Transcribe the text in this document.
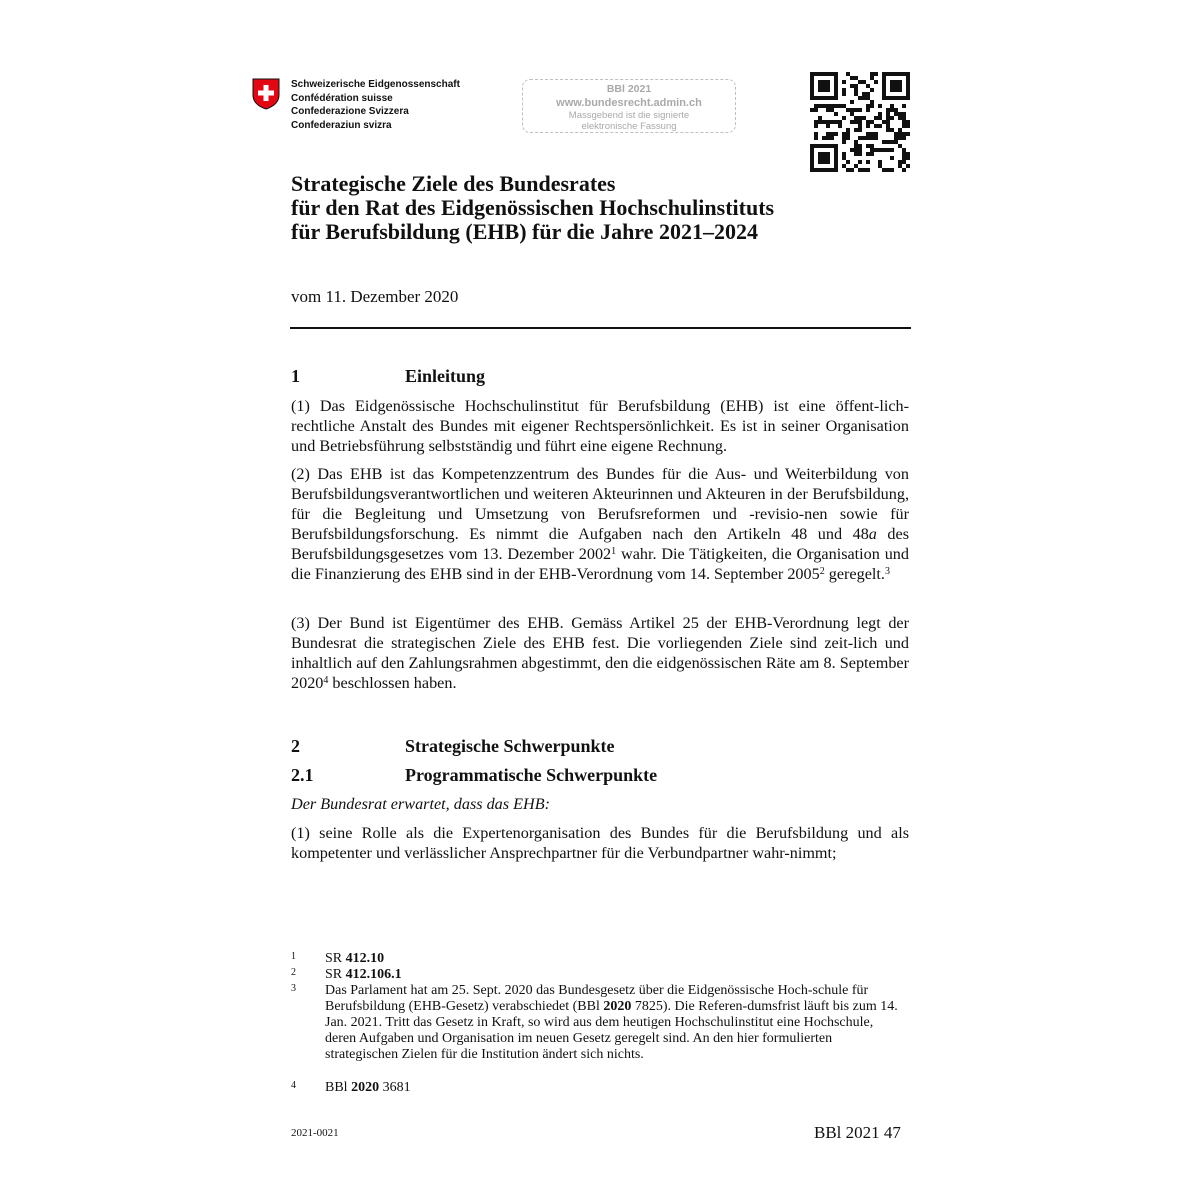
Schweizerische Eidgenossenschaft
Confédération suisse
Confederazione Svizzera
Confederaziun svizra
BBl 2021
www.bundesrecht.admin.ch
Massgebend ist die signierte
elektronische Fassung
Strategische Ziele des Bundesrates
für den Rat des Eidgenössischen Hochschulinstituts
für Berufsbildung (EHB) für die Jahre 2021–2024
vom 11. Dezember 2020
1	Einleitung

(1) Das Eidgenössische Hochschulinstitut für Berufsbildung (EHB) ist eine öffent-lich-rechtliche Anstalt des Bundes mit eigener Rechtspersönlichkeit. Es ist in seiner Organisation und Betriebsführung selbstständig und führt eine eigene Rechnung.

(2) Das EHB ist das Kompetenzzentrum des Bundes für die Aus- und Weiterbildung von Berufsbildungsverantwortlichen und weiteren Akteurinnen und Akteuren in der Berufsbildung, für die Begleitung und Umsetzung von Berufsreformen und -revisio-nen sowie für Berufsbildungsforschung. Es nimmt die Aufgaben nach den Artikeln 48 und 48a des Berufsbildungsgesetzes vom 13. Dezember 2002$^1$ wahr. Die Tätigkeiten, die Organisation und die Finanzierung des EHB sind in der EHB-Verordnung vom 14. September 2005$^2$ geregelt.$^3$

(3) Der Bund ist Eigentümer des EHB. Gemäss Artikel 25 der EHB-Verordnung legt der Bundesrat die strategischen Ziele des EHB fest. Die vorliegenden Ziele sind zeit-lich und inhaltlich auf den Zahlungsrahmen abgestimmt, den die eidgenössischen Räte am 8. September 2020$^4$ beschlossen haben.

2	Strategische Schwerpunkte
2.1	Programmatische Schwerpunkte
Der Bundesrat erwartet, dass das EHB:

(1) seine Rolle als die Expertenorganisation des Bundes für die Berufsbildung und als kompetenter und verlässlicher Ansprechpartner für die Verbundpartner wahr-nimmt;

1 SR 412.10
2 SR 412.106.1
3 Das Parlament hat am 25. Sept. 2020 das Bundesgesetz über die Eidgenössische Hoch-schule für Berufsbildung (EHB-Gesetz) verabschiedet (BBl 2020 7825). Die Referen-dumsfrist läuft bis zum 14. Jan. 2021. Tritt das Gesetz in Kraft, so wird aus dem heutigen Hochschulinstitut eine Hochschule, deren Aufgaben und Organisation im neuen Gesetz geregelt sind. An den hier formulierten strategischen Zielen für die Institution ändert sich nichts.
4 BBl 2020 3681
2021-0021	BBl 2021 47
